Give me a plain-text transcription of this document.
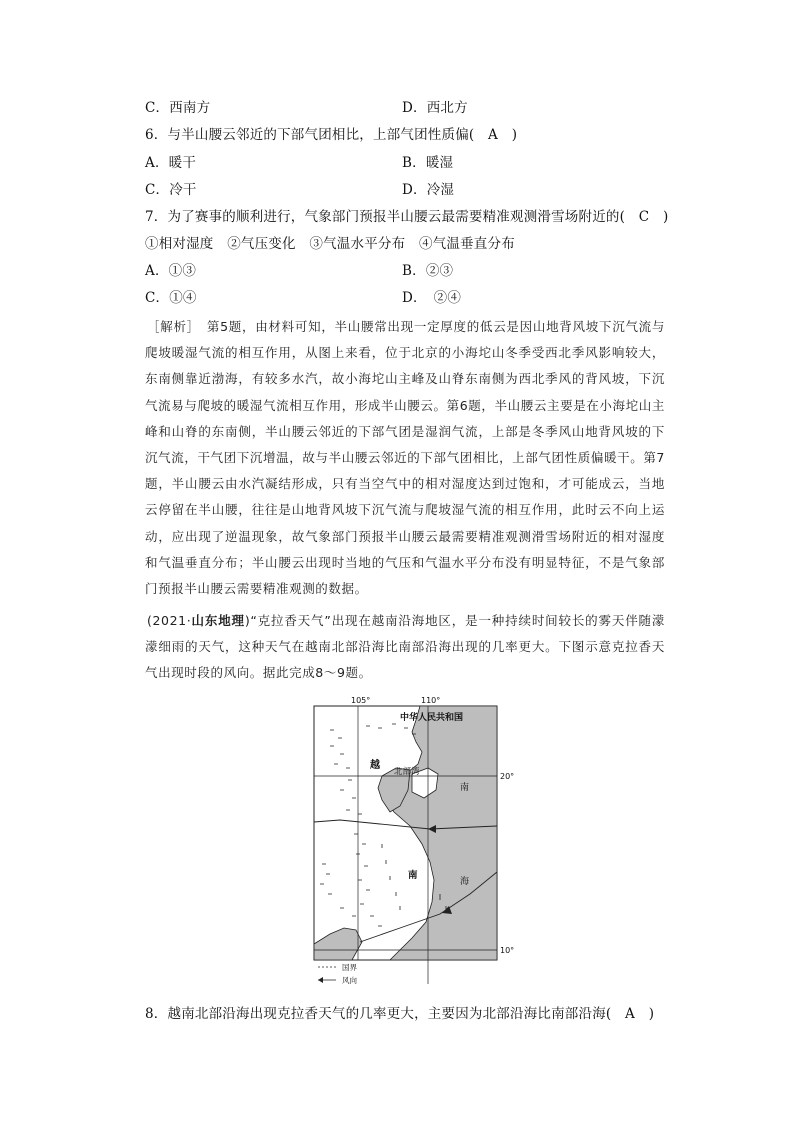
C．西南方	D．西北方
6．与半山腰云邻近的下部气团相比，上部气团性质偏(　A　)
A．暖干	B．暖湿
C．冷干	D．冷湿
7．为了赛事的顺利进行，气象部门预报半山腰云最需要精准观测滑雪场附近的(　C　)
①相对湿度　②气压变化　③气温水平分布　④气温垂直分布
A．①③	B．②③
C．①④	D．　②④
［解析］　第5题，由材料可知，半山腰常出现一定厚度的低云是因山地背风坡下沉气流与爬坡暖湿气流的相互作用，从图上来看，位于北京的小海坨山冬季受西北季风影响较大，东南侧靠近渤海，有较多水汽，故小海坨山主峰及山脊东南侧为西北季风的背风坡，下沉气流易与爬坡的暖湿气流相互作用，形成半山腰云。第6题，半山腰云主要是在小海坨山主峰和山脊的东南侧，半山腰云邻近的下部气团是湿润气流，上部是冬季风山地背风坡的下沉气流，干气团下沉增温，故与半山腰云邻近的下部气团相比，上部气团性质偏暖干。第7题，半山腰云由水汽凝结形成，只有当空气中的相对湿度达到过饱和，才可能成云，当地云停留在半山腰，往往是山地背风坡下沉气流与爬坡湿气流的相互作用，此时云不向上运动，应出现了逆温现象，故气象部门预报半山腰云最需要精准观测滑雪场附近的相对湿度和气温垂直分布；半山腰云出现时当地的气压和气温水平分布没有明显特征，不是气象部门预报半山腰云需要精准观测的数据。
(2021·山东地理)“克拉香天气”出现在越南沿海地区，是一种持续时间较长的雾天伴随濛濛细雨的天气，这种天气在越南北部沿海比南部沿海出现的几率更大。下图示意克拉香天气出现时段的风向。据此完成8～9题。
105°	110°
20°
10°
中华人民共和国
越
北部湾
南
海
南
国界
风向
8．越南北部沿海出现克拉香天气的几率更大，主要因为北部沿海比南部沿海(　A　)
